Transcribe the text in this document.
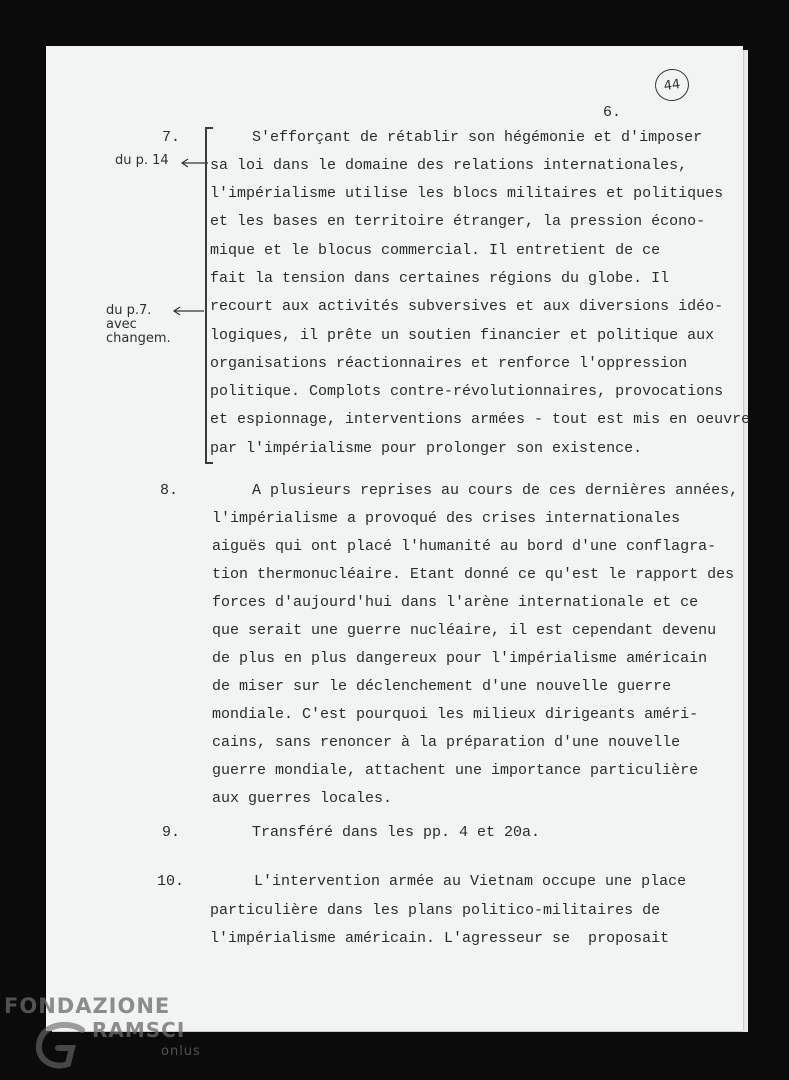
6.
44
du p. 14
du p.7.
avec
changem.
7.	S'efforçant de rétablir son hégémonie et d'imposer
sa loi dans le domaine des relations internationales,
l'impérialisme utilise les blocs militaires et politiques
et les bases en territoire étranger, la pression écono-
mique et le blocus commercial. Il entretient de ce
fait la tension dans certaines régions du globe. Il
recourt aux activités subversives et aux diversions idéo-
logiques, il prête un soutien financier et politique aux
organisations réactionnaires et renforce l'oppression
politique. Complots contre-révolutionnaires, provocations
et espionnage, interventions armées - tout est mis en oeuvre
par l'impérialisme pour prolonger son existence.
8.	A plusieurs reprises au cours de ces dernières années,
l'impérialisme a provoqué des crises internationales
aiguës qui ont placé l'humanité au bord d'une conflagra-
tion thermonucléaire. Etant donné ce qu'est le rapport des
forces d'aujourd'hui dans l'arène internationale et ce
que serait une guerre nucléaire, il est cependant devenu
de plus en plus dangereux pour l'impérialisme américain
de miser sur le déclenchement d'une nouvelle guerre
mondiale. C'est pourquoi les milieux dirigeants améri-
cains, sans renoncer à la préparation d'une nouvelle
guerre mondiale, attachent une importance particulière
aux guerres locales.
9.	Transféré dans les pp. 4 et 20a.
10.	L'intervention armée au Vietnam occupe une place
particulière dans les plans politico-militaires de
l'impérialisme américain. L'agresseur se  proposait
FONDAZIONE
RAMSCI
onlus
